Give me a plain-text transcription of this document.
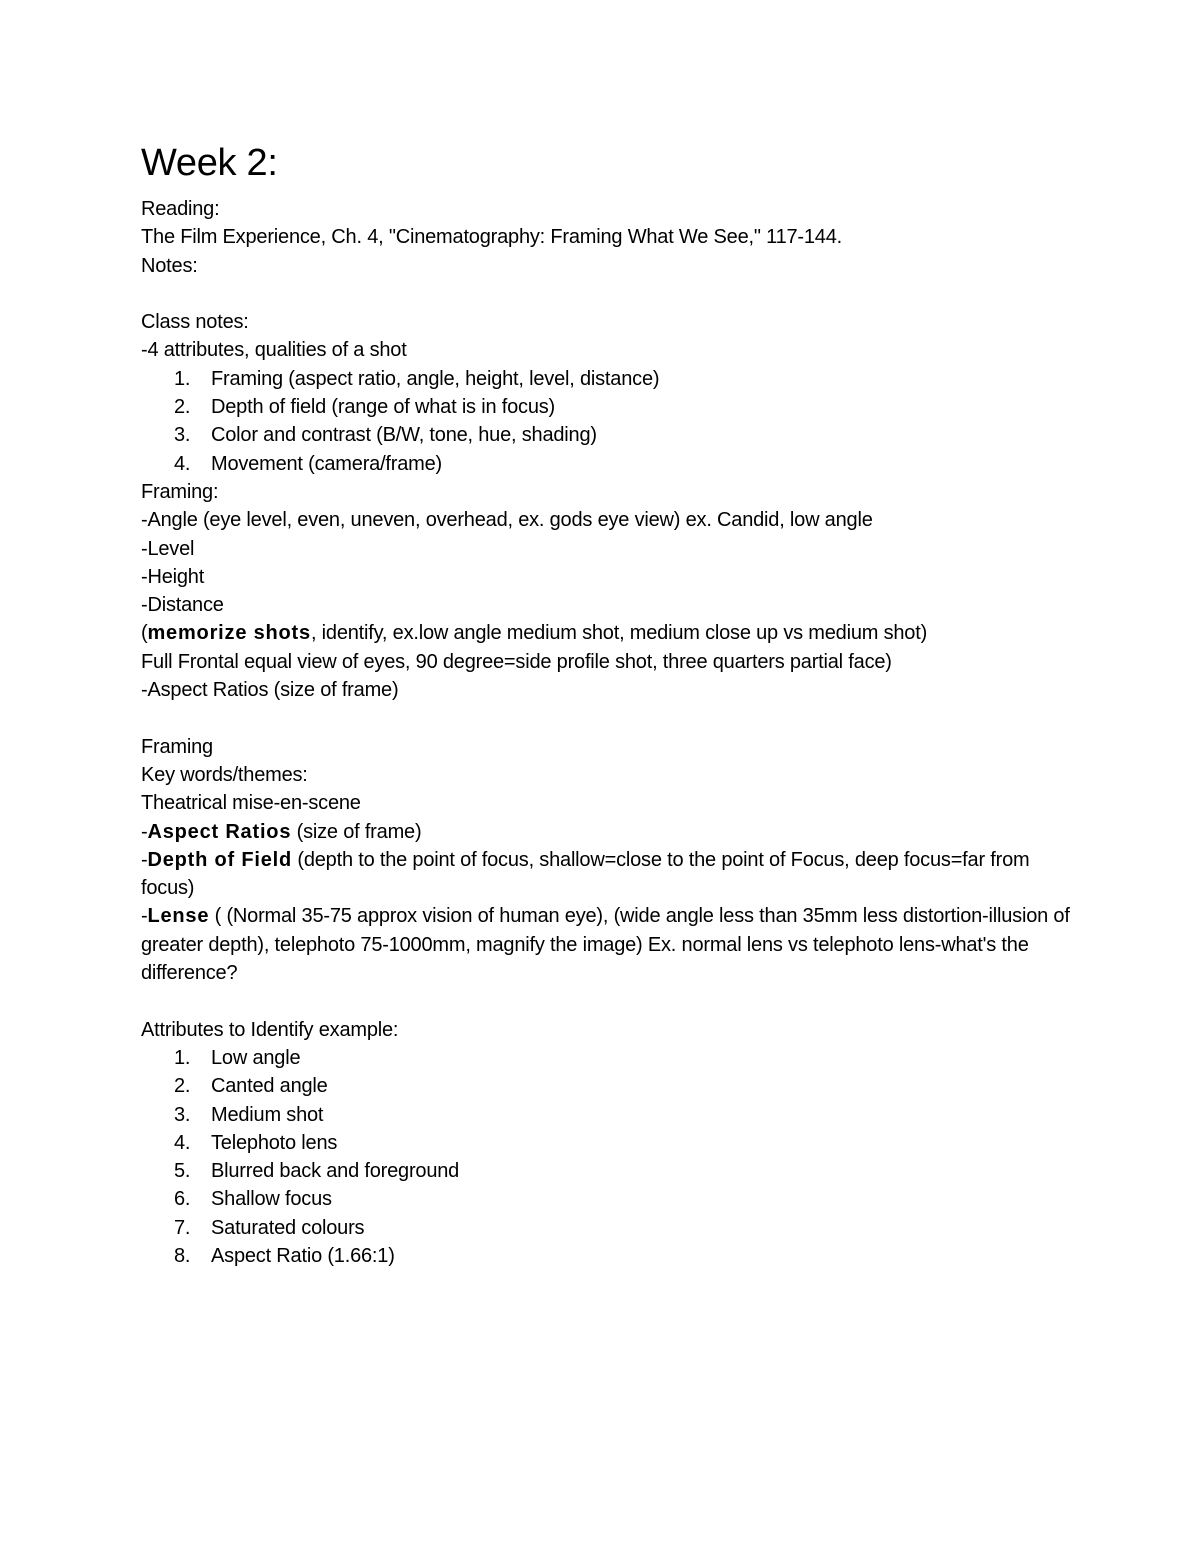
Week 2:
Reading:
The Film Experience, Ch. 4, "Cinematography: Framing What We See," 117-144.
Notes:
Class notes:
-4 attributes, qualities of a shot
1.	Framing (aspect ratio, angle, height, level, distance)
2.	Depth of field (range of what is in focus)
3.	Color and contrast (B/W, tone, hue, shading)
4.	Movement (camera/frame)
Framing:
-Angle (eye level, even, uneven, overhead, ex. gods eye view) ex. Candid, low angle
-Level
-Height
-Distance
(memorize shots, identify, ex.low angle medium shot, medium close up vs medium shot)
Full Frontal equal view of eyes, 90 degree=side profile shot, three quarters partial face)
-Aspect Ratios (size of frame)
Framing
Key words/themes:
Theatrical mise-en-scene
-Aspect Ratios (size of frame)
-Depth of Field (depth to the point of focus, shallow=close to the point of Focus, deep focus=far from focus)
-Lense ( (Normal 35-75 approx vision of human eye), (wide angle less than 35mm less distortion-illusion of greater depth), telephoto 75-1000mm, magnify the image) Ex. normal lens vs telephoto lens-what's the difference?
Attributes to Identify example:
1.	Low angle
2.	Canted angle
3.	Medium shot
4.	Telephoto lens
5.	Blurred back and foreground
6.	Shallow focus
7.	Saturated colours
8.	Aspect Ratio (1.66:1)
